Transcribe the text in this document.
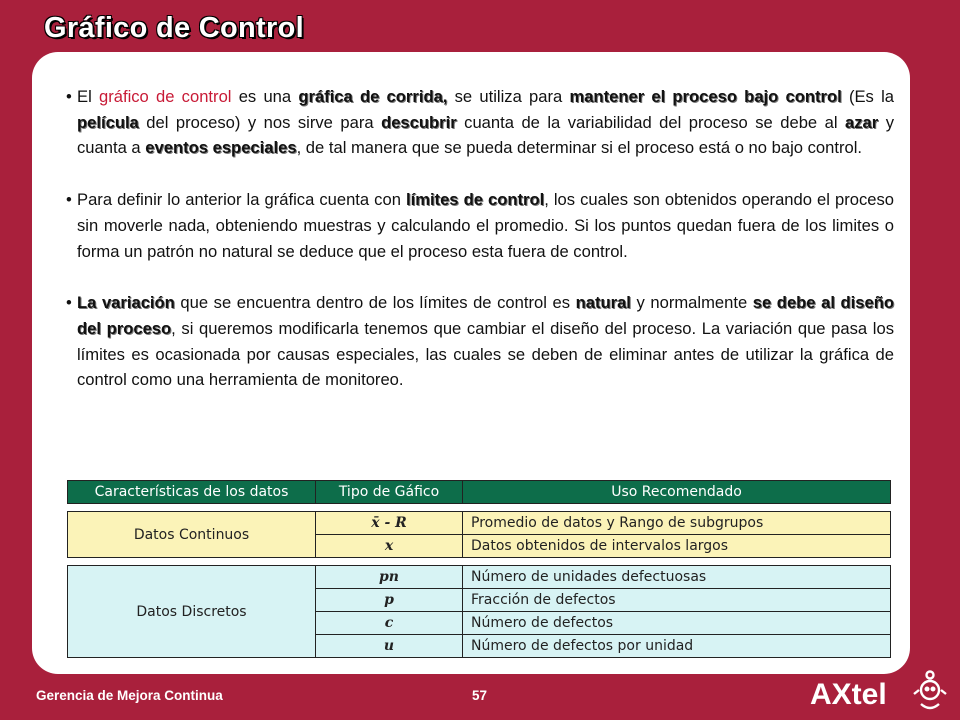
Gráfico de Control
• El gráfico de control es una gráfica de corrida, se utiliza para mantener el proceso bajo control (Es la película del proceso) y nos sirve para descubrir cuanta de la variabilidad del proceso se debe al azar y cuanta a eventos especiales, de tal manera que se pueda determinar si el proceso está o no bajo control.
• Para definir lo anterior la gráfica cuenta con límites de control, los cuales son obtenidos operando el proceso sin moverle nada, obteniendo muestras y calculando el promedio. Si los puntos quedan fuera de los limites o forma un patrón no natural se deduce que el proceso esta fuera de control.
• La variación que se encuentra dentro de los límites de control es natural y normalmente se debe al diseño del proceso, si queremos modificarla tenemos que cambiar el diseño del proceso. La variación que pasa los límites es ocasionada por causas especiales, las cuales se deben de eliminar antes de utilizar la gráfica de control como una herramienta de monitoreo.
Características de los datos	Tipo de Gáfico	Uso Recomendado
Datos Continuos	x̄ - R	Promedio de datos y Rango de subgrupos
	x	Datos obtenidos de intervalos largos
Datos Discretos	pn	Número de unidades defectuosas
	p	Fracción de defectos
	c	Número de defectos
	u	Número de defectos por unidad
Gerencia de Mejora Continua	57	AXtel
